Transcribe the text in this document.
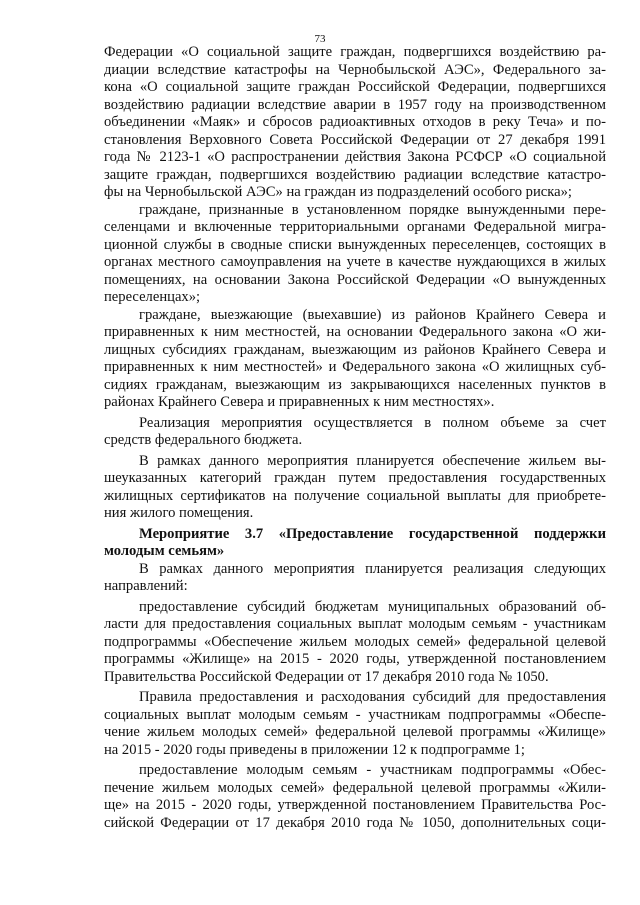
73
Федерации «О социальной защите граждан, подвергшихся воздействию ра-
диации вследствие катастрофы на Чернобыльской АЭС», Федерального за-
кона «О социальной защите граждан Российской Федерации, подвергшихся
воздействию радиации вследствие аварии в 1957 году на производственном
объединении «Маяк» и сбросов радиоактивных отходов в реку Теча» и по-
становления Верховного Совета Российской Федерации от 27 декабря 1991
года № 2123-1 «О распространении действия Закона РСФСР «О социальной
защите граждан, подвергшихся воздействию радиации вследствие катастро-
фы на Чернобыльской АЭС» на граждан из подразделений особого риска»;
граждане, признанные в установленном порядке вынужденными пере-
селенцами и включенные территориальными органами Федеральной мигра-
ционной службы в сводные списки вынужденных переселенцев, состоящих в
органах местного самоуправления на учете в качестве нуждающихся в жилых
помещениях, на основании Закона Российской Федерации «О вынужденных
переселенцах»;
граждане, выезжающие (выехавшие) из районов Крайнего Севера и
приравненных к ним местностей, на основании Федерального закона «О жи-
лищных субсидиях гражданам, выезжающим из районов Крайнего Севера и
приравненных к ним местностей» и Федерального закона «О жилищных суб-
сидиях гражданам, выезжающим из закрывающихся населенных пунктов в
районах Крайнего Севера и приравненных к ним местностях».
Реализация мероприятия осуществляется в полном объеме за счет
средств федерального бюджета.
В рамках данного мероприятия планируется обеспечение жильем вы-
шеуказанных категорий граждан путем предоставления государственных
жилищных сертификатов на получение социальной выплаты для приобрете-
ния жилого помещения.
Мероприятие 3.7 «Предоставление государственной поддержки
молодым семьям»
В рамках данного мероприятия планируется реализация следующих
направлений:
предоставление субсидий бюджетам муниципальных образований об-
ласти для предоставления социальных выплат молодым семьям - участникам
подпрограммы «Обеспечение жильем молодых семей» федеральной целевой
программы «Жилище» на 2015 - 2020 годы, утвержденной постановлением
Правительства Российской Федерации от 17 декабря 2010 года № 1050.
Правила предоставления и расходования субсидий для предоставления
социальных выплат молодым семьям - участникам подпрограммы «Обеспе-
чение жильем молодых семей» федеральной целевой программы «Жилище»
на 2015 - 2020 годы приведены в приложении 12 к подпрограмме 1;
предоставление молодым семьям - участникам подпрограммы «Обес-
печение жильем молодых семей» федеральной целевой программы «Жили-
ще» на 2015 - 2020 годы, утвержденной постановлением Правительства Рос-
сийской Федерации от 17 декабря 2010 года № 1050, дополнительных соци-
